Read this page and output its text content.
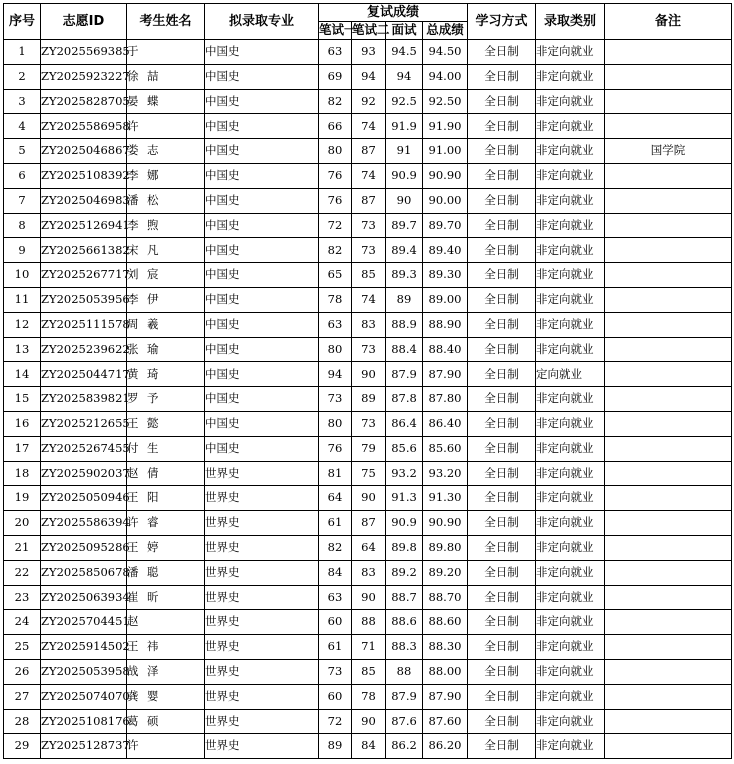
序号	志愿ID	考生姓名	拟录取专业	复试成绩				学习方式	录取类别	备注
				笔试一	笔试二	面试	总成绩			
1	ZY2025569385	于	中国史	63	93	94.5	94.50	全日制	非定向就业	
2	ZY2025923227	徐 喆	中国史	69	94	94	94.00	全日制	非定向就业	
3	ZY2025828705	晏 蝶	中国史	82	92	92.5	92.50	全日制	非定向就业	
4	ZY2025586958	许	中国史	66	74	91.9	91.90	全日制	非定向就业	
5	ZY2025046867	娄 志	中国史	80	87	91	91.00	全日制	非定向就业	国学院
6	ZY2025108392	李 娜	中国史	76	74	90.9	90.90	全日制	非定向就业	
7	ZY2025046983	潘 松	中国史	76	87	90	90.00	全日制	非定向就业	
8	ZY2025126941	李 煦	中国史	72	73	89.7	89.70	全日制	非定向就业	
9	ZY2025661382	宋 凡	中国史	82	73	89.4	89.40	全日制	非定向就业	
10	ZY2025267717	刘 宸	中国史	65	85	89.3	89.30	全日制	非定向就业	
11	ZY2025053956	李 伊	中国史	78	74	89	89.00	全日制	非定向就业	
12	ZY2025111578	周 羲	中国史	63	83	88.9	88.90	全日制	非定向就业	
13	ZY2025239622	张 瑜	中国史	80	73	88.4	88.40	全日制	非定向就业	
14	ZY2025044717	黄 琦	中国史	94	90	87.9	87.90	全日制	定向就业	
15	ZY2025839821	罗 予	中国史	73	89	87.8	87.80	全日制	非定向就业	
16	ZY2025212655	王 懿	中国史	80	73	86.4	86.40	全日制	非定向就业	
17	ZY2025267455	付 生	中国史	76	79	85.6	85.60	全日制	非定向就业	
18	ZY2025902037	赵 倩	世界史	81	75	93.2	93.20	全日制	非定向就业	
19	ZY2025050946	王 阳	世界史	64	90	91.3	91.30	全日制	非定向就业	
20	ZY2025586394	许 睿	世界史	61	87	90.9	90.90	全日制	非定向就业	
21	ZY2025095286	王 婷	世界史	82	64	89.8	89.80	全日制	非定向就业	
22	ZY2025850678	潘 聪	世界史	84	83	89.2	89.20	全日制	非定向就业	
23	ZY2025063934	崔 昕	世界史	63	90	88.7	88.70	全日制	非定向就业	
24	ZY2025704451	赵	世界史	60	88	88.6	88.60	全日制	非定向就业	
25	ZY2025914502	王 祎	世界史	61	71	88.3	88.30	全日制	非定向就业	
26	ZY2025053958	战 泽	世界史	73	85	88	88.00	全日制	非定向就业	
27	ZY2025074070	龚 婴	世界史	60	78	87.9	87.90	全日制	非定向就业	
28	ZY2025108176	葛 硕	世界史	72	90	87.6	87.60	全日制	非定向就业	
29	ZY2025128737	许	世界史	89	84	86.2	86.20	全日制	非定向就业	
